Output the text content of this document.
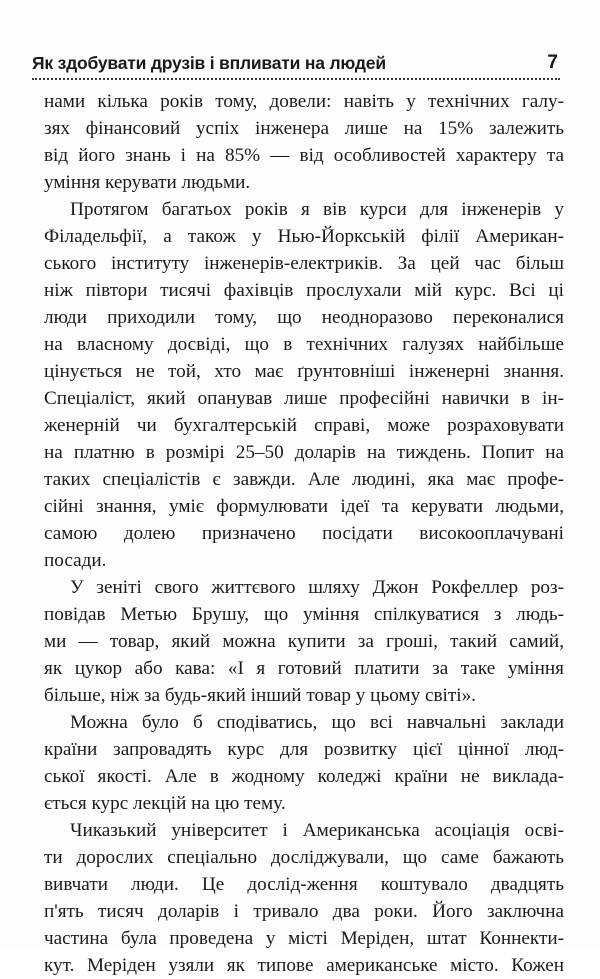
Як здобувати друзів і впливати на людей	7

нами кілька років тому, довели: навіть у технічних галу-
зях фінансовий успіх інженера лише на 15% залежить
від його знань і на 85% — від особливостей характеру та
уміння керувати людьми.

Протягом багатьох років я вів курси для інженерів у
Філадельфії, а також у Нью-Йоркській філії Американ-
ського інституту інженерів-електриків. За цей час більш
ніж півтори тисячі фахівців прослухали мій курс. Всі ці
люди приходили тому, що неодноразово переконалися
на власному досвіді, що в технічних галузях найбільше
цінується не той, хто має ґрунтовніші інженерні знання.
Спеціаліст, який опанував лише професійні навички в ін-
женерній чи бухгалтерській справі, може розраховувати
на платню в розмірі 25–50 доларів на тиждень. Попит на
таких спеціалістів є завжди. Але людині, яка має профе-
сійні знання, уміє формулювати ідеї та керувати людьми,
самою долею призначено посідати високооплачувані
посади.

У зеніті свого життєвого шляху Джон Рокфеллер роз-
повідав Метью Брушу, що уміння спілкуватися з людь-
ми — товар, який можна купити за гроші, такий самий,
як цукор або кава: «І я готовий платити за таке уміння
більше, ніж за будь-який інший товар у цьому світі».

Можна було б сподіватись, що всі навчальні заклади
країни запровадять курс для розвитку цієї цінної люд-
ської якості. Але в жодному коледжі країни не виклада-
ється курс лекцій на цю тему.

Чиказький університет і Американська асоціація осві-
ти дорослих спеціально досліджували, що саме бажають
вивчати люди. Це дослід-ження коштувало двадцять
п'ять тисяч доларів і тривало два роки. Його заключна
частина була проведена у місті Меріден, штат Коннекти-
кут. Меріден узяли як типове американське місто. Кожен
